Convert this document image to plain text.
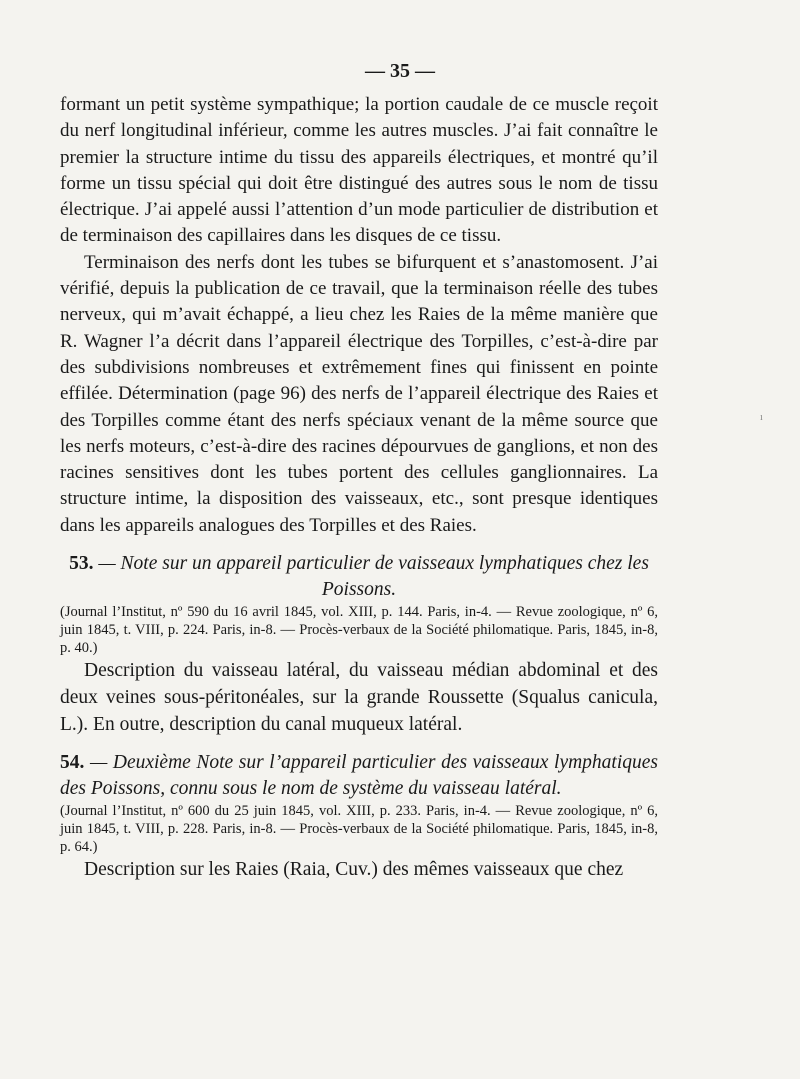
— 35 —

formant un petit système sympathique; la portion caudale de ce muscle reçoit du nerf longitudinal inférieur, comme les autres muscles. J’ai fait connaître le premier la structure intime du tissu des appareils électriques, et montré qu’il forme un tissu spécial qui doit être distingué des autres sous le nom de tissu électrique. J’ai appelé aussi l’attention d’un mode particulier de distribution et de terminaison des capillaires dans les disques de ce tissu.

Terminaison des nerfs dont les tubes se bifurquent et s’anastomosent. J’ai vérifié, depuis la publication de ce travail, que la terminaison réelle des tubes nerveux, qui m’avait échappé, a lieu chez les Raies de la même manière que R. Wagner l’a décrit dans l’appareil électrique des Torpilles, c’est-à-dire par des subdivisions nombreuses et extrêmement fines qui finissent en pointe effilée. Détermination (page 96) des nerfs de l’appareil électrique des Raies et des Torpilles comme étant des nerfs spéciaux venant de la même source que les nerfs moteurs, c’est-à-dire des racines dépourvues de ganglions, et non des racines sensitives dont les tubes portent des cellules ganglionnaires. La structure intime, la disposition des vaisseaux, etc., sont presque identiques dans les appareils analogues des Torpilles et des Raies.

53. — Note sur un appareil particulier de vaisseaux lymphatiques chez les Poissons.

(Journal l’Institut, nº 590 du 16 avril 1845, vol. XIII, p. 144. Paris, in-4. — Revue zoologique, nº 6, juin 1845, t. VIII, p. 224. Paris, in-8. — Procès-verbaux de la Société philomatique. Paris, 1845, in-8, p. 40.)

Description du vaisseau latéral, du vaisseau médian abdominal et des deux veines sous-péritonéales, sur la grande Roussette (Squalus canicula, L.). En outre, description du canal muqueux latéral.

54. — Deuxième Note sur l’appareil particulier des vaisseaux lymphatiques des Poissons, connu sous le nom de système du vaisseau latéral.

(Journal l’Institut, nº 600 du 25 juin 1845, vol. XIII, p. 233. Paris, in-4. — Revue zoologique, nº 6, juin 1845, t. VIII, p. 228. Paris, in-8. — Procès-verbaux de la Société philomatique. Paris, 1845, in-8, p. 64.)

Description sur les Raies (Raia, Cuv.) des mêmes vaisseaux que chez

ı
